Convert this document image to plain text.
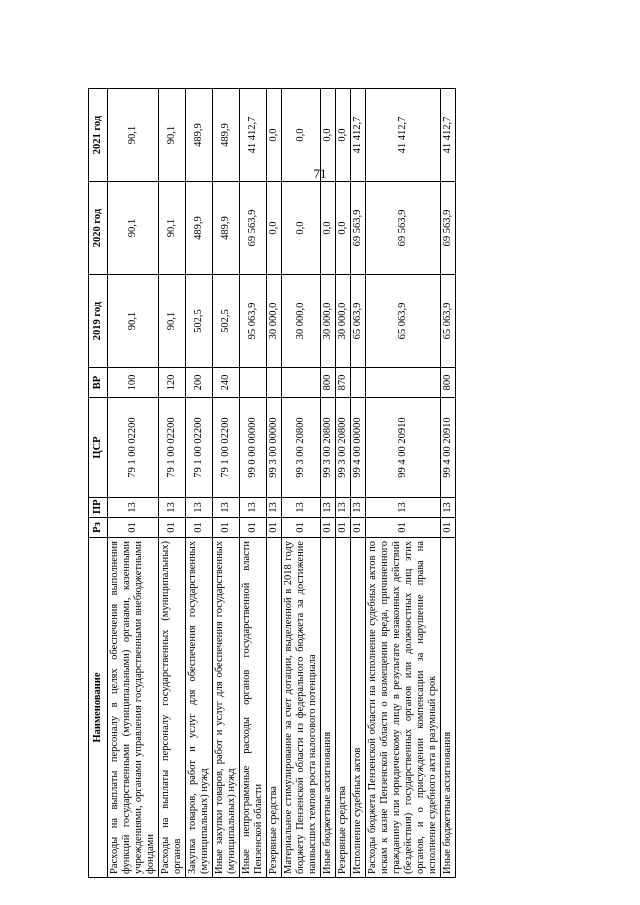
71
Наименование	Рз	ПР	ЦСР	ВР	2019 год	2020 год	2021 год
Расходы на выплаты персоналу в целях обеспечения выполнения функций государственными (муниципальными) органами, казенными учреждениями, органами управления государственными внебюджетными фондами	01	13	79 1 00 02200	100	90,1	90,1	90,1
Расходы на выплаты персоналу государственных (муниципальных) органов	01	13	79 1 00 02200	120	90,1	90,1	90,1
Закупка товаров, работ и услуг для обеспечения государственных (муниципальных) нужд	01	13	79 1 00 02200	200	502,5	489,9	489,9
Иные закупки товаров, работ и услуг для обеспечения государственных (муниципальных) нужд	01	13	79 1 00 02200	240	502,5	489,9	489,9
Иные непрограммные расходы органов государственной власти Пензенской области	01	13	99 0 00 00000		95 063,9	69 563,9	41 412,7
Резервные средства	01	13	99 3 00 00000		30 000,0	0,0	0,0
Материальное стимулирование за счет дотации, выделенной в 2018 году бюджету Пензенской области из федерального бюджета за достижение наивысших темпов роста налогового потенциала	01	13	99 3 00 20800		30 000,0	0,0	0,0
Иные бюджетные ассигнования	01	13	99 3 00 20800	800	30 000,0	0,0	0,0
Резервные средства	01	13	99 3 00 20800	870	30 000,0	0,0	0,0
Исполнение судебных актов	01	13	99 4 00 00000		65 063,9	69 563,9	41 412,7
Расходы бюджета Пензенской области на исполнение судебных актов по искам к казне Пензенской области о возмещении вреда, причиненного гражданину или юридическому лицу в результате незаконных действий (бездействия) государственных органов или должностных лиц этих органов, и о присуждении компенсации за нарушение права на исполнение судебного акта в разумный срок	01	13	99 4 00 20910		65 063,9	69 563,9	41 412,7
Иные бюджетные ассигнования	01	13	99 4 00 20910	800	65 063,9	69 563,9	41 412,7
